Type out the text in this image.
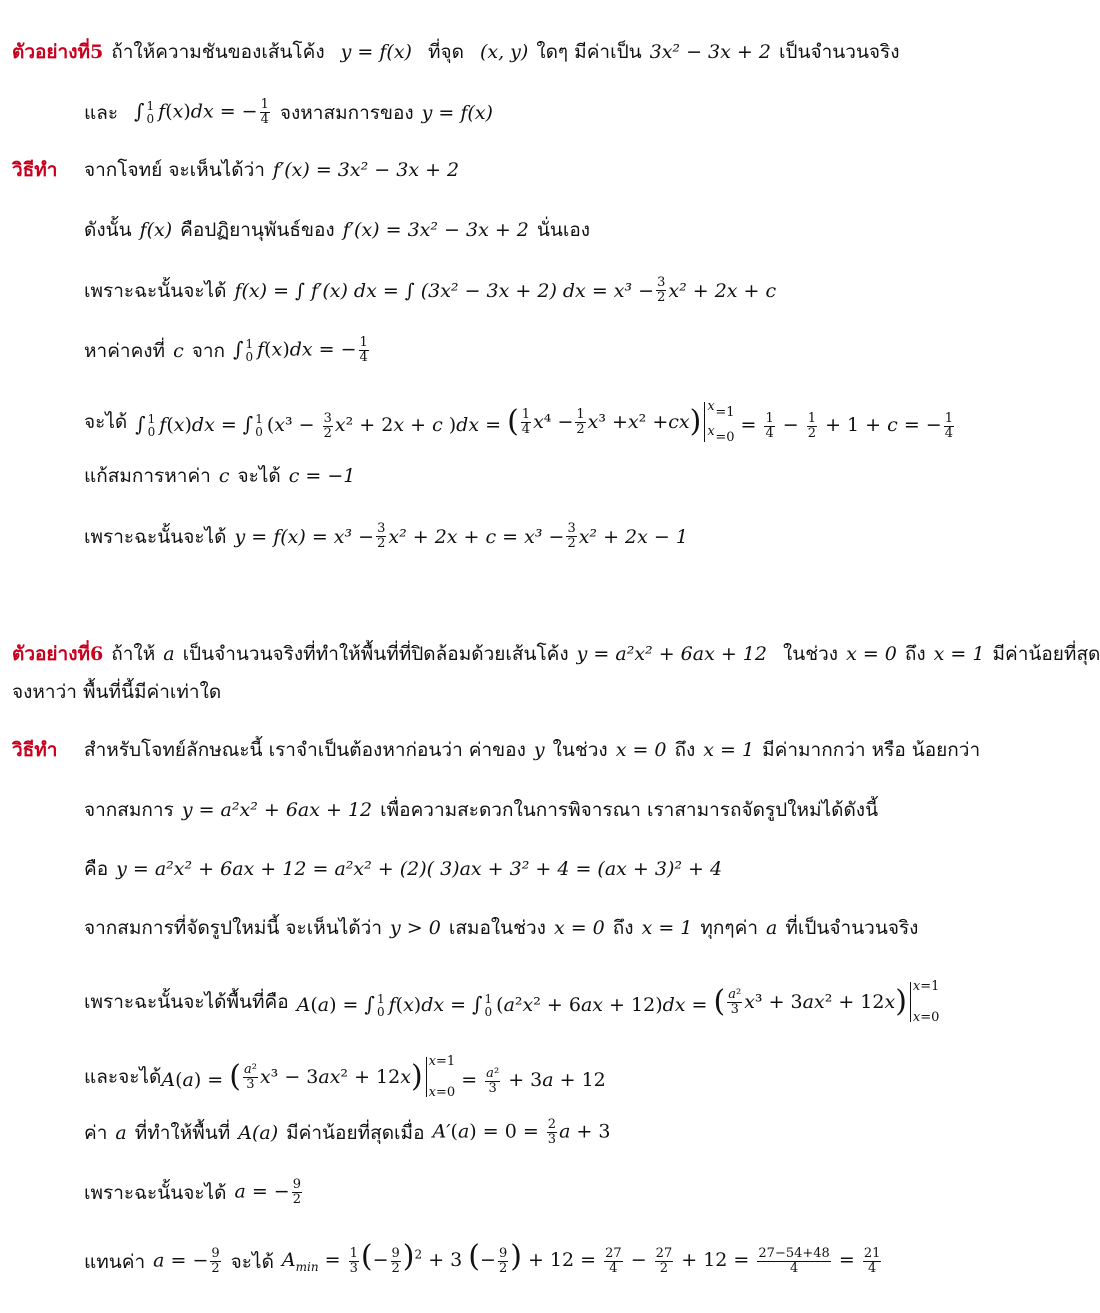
ตัวอย่างที่5 ถ้าให้ความชันของเส้นโค้ง y = f(x) ที่จุด (x, y) ใดๆ มีค่าเป็น 3x² − 3x + 2 เป็นจำนวนจริง
และ ∫ 1
0 f(x)dx = − $\frac{1}{4}$ จงหาสมการของ y = f(x)
วิธีทำ จากโจทย์ จะเห็นได้ว่า f′(x) = 3x² − 3x + 2
ดังนั้น f(x) คือปฏิยานุพันธ์ของ f′(x) = 3x² − 3x + 2 นั่นเอง
เพราะฉะนั้นจะได้ f(x) = ∫ f′(x) dx = ∫ (3x² − 3x + 2) dx = $x^3 - \frac{3}{2} x^2 + 2x + c$
หาค่าคงที่ c จาก ∫ 1
0 f(x)dx = − $\frac{1}{4}$
จะได้ ∫ 1
0 f(x)dx = ∫ 1
0 ($x^3 - \frac{3}{2} x^2 + 2x + c$ )dx = ( $\frac{1}{4}$ x $^4 - \frac{1}{2}$ x ³ + x ² + cx ) x =1
x =0
= $\frac{1}{4} - \frac{1}{2} + 1 + c$ = − $\frac{1}{4}$
แก้สมการหาค่า c จะได้ c = −1
เพราะฉะนั้นจะได้ $y = f(x) = x^3 - \frac{3}{2} x^2 + 2x + c = x^3 - \frac{3}{2} x^2 + 2x - 1$
ตัวอย่างที่6 ถ้าให้ a เป็นจำนวนจริงที่ทำให้พื้นที่ที่ปิดล้อมด้วยเส้นโค้ง y = a²x² + 6ax + 12 ในช่วง x = 0 ถึง x = 1 มีค่าน้อยที่สุด
จงหาว่า พื้นที่นี้มีค่าเท่าใด
วิธีทำ สำหรับโจทย์ลักษณะนี้ เราจำเป็นต้องหาก่อนว่า ค่าของ y ในช่วง x = 0 ถึง x = 1 มีค่ามากกว่า หรือ น้อยกว่า
จากสมการ y = a²x² + 6ax + 12 เพื่อความสะดวกในการพิจารณา เราสามารถจัดรูปใหม่ได้ดังนี้
คือ y = a²x² + 6ax + 12 = a²x² + (2)( 3)ax + 3² + 4 = (ax + 3)² + 4
จากสมการที่จัดรูปใหม่นี้ จะเห็นได้ว่า y > 0 เสมอในช่วง x = 0 ถึง x = 1 ทุกๆค่า a ที่เป็นจำนวนจริง
เพราะฉะนั้นจะได้พื้นที่คือ A(a) = ∫ 1
0 f(x)dx = ∫ 1
0 (a²x² + 6ax + 12)dx = ( $\frac{\text{a²}}{3}$ x ³ + 3 ax ² + 12 x ) x=1
x=0
และจะได้ A(a) = ( $\frac{\text{a²}}{3}$ x ³ − 3 ax ² + 12 x ) x=1
x=0
= $\frac{\text{a²}}{3} + 3a + 12$
ค่า a ที่ทำให้พื้นที่ A(a) มีค่าน้อยที่สุดเมื่อ $A'(a) = 0 = \frac{2}{3}$ a + 3
เพราะฉะนั้นจะได้ a = − $\frac{9}{2}$
แทนค่า a = − $\frac{9}{2}$ จะได้ $A_{min} = \frac{1}{3}$ (− $\frac{9}{2} )^2 + 3$ (− $\frac{9}{2}$ ) + $12 = \frac{27}{4} - \frac{27}{2} + 12 = \frac{27-54+48}{4} = \frac{21}{4}$
